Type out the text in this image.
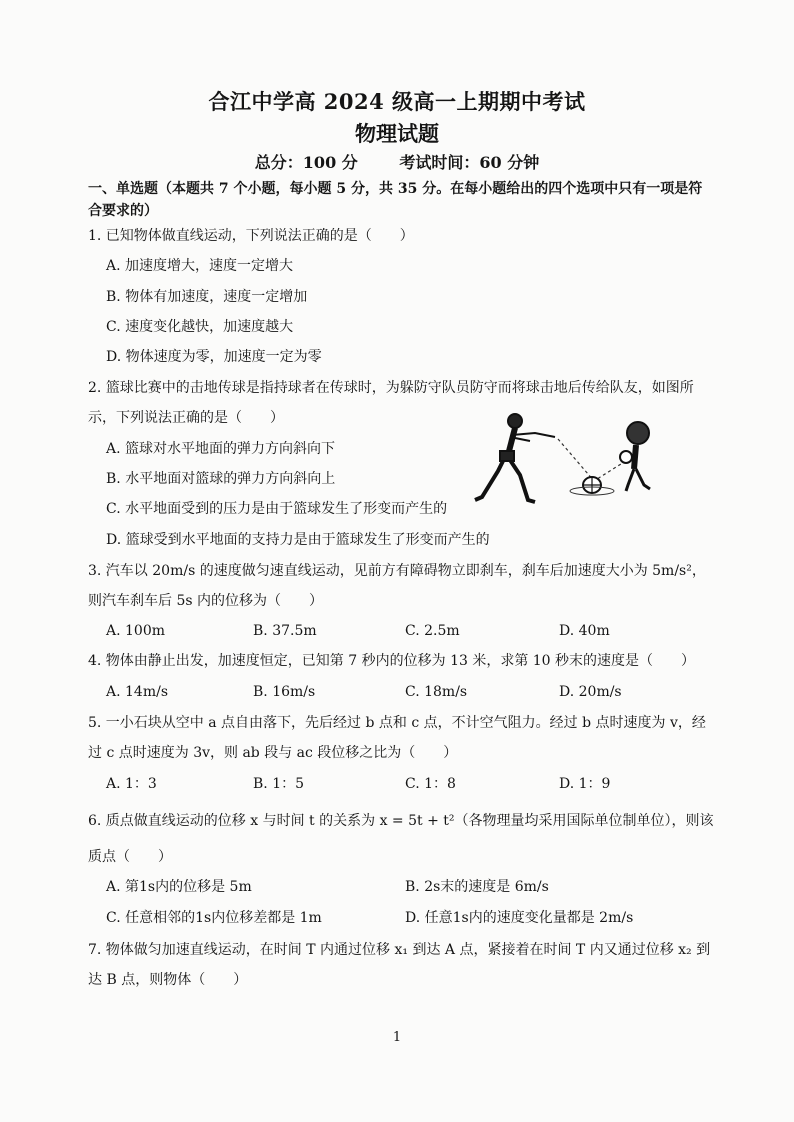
合江中学高 2024 级高一上期期中考试
物理试题
总分：100 分	考试时间：60 分钟
一、单选题（本题共 7 个小题，每小题 5 分，共 35 分。在每小题给出的四个选项中只有一项是符
合要求的）
1. 已知物体做直线运动，下列说法正确的是（　　）
A. 加速度增大，速度一定增大
B. 物体有加速度，速度一定增加
C. 速度变化越快，加速度越大
D. 物体速度为零，加速度一定为零
2. 篮球比赛中的击地传球是指持球者在传球时，为躲防守队员防守而将球击地后传给队友，如图所
示，下列说法正确的是（　　）
A. 篮球对水平地面的弹力方向斜向下
B. 水平地面对篮球的弹力方向斜向上
C. 水平地面受到的压力是由于篮球发生了形变而产生的
D. 篮球受到水平地面的支持力是由于篮球发生了形变而产生的
3. 汽车以 20m/s 的速度做匀速直线运动，见前方有障碍物立即刹车，刹车后加速度大小为 5m/s²，
则汽车刹车后 5s 内的位移为（　　）
A. 100m	B. 37.5m	C. 2.5m	D. 40m
4. 物体由静止出发，加速度恒定，已知第 7 秒内的位移为 13 米，求第 10 秒末的速度是（　　）
A. 14m/s	B. 16m/s	C. 18m/s	D. 20m/s
5. 一小石块从空中 a 点自由落下，先后经过 b 点和 c 点，不计空气阻力。经过 b 点时速度为 v，经
过 c 点时速度为 3v，则 ab 段与 ac 段位移之比为（　　）
A. 1：3	B. 1：5	C. 1：8	D. 1：9
6. 质点做直线运动的位移 x 与时间 t 的关系为 x = 5t + t²（各物理量均采用国际单位制单位），则该
质点（　　）
A. 第1s内的位移是 5m	B. 2s末的速度是 6m/s
C. 任意相邻的1s内位移差都是 1m	D. 任意1s内的速度变化量都是 2m/s
7. 物体做匀加速直线运动，在时间 T 内通过位移 x₁ 到达 A 点，紧接着在时间 T 内又通过位移 x₂ 到
达 B 点，则物体（　　）
1
